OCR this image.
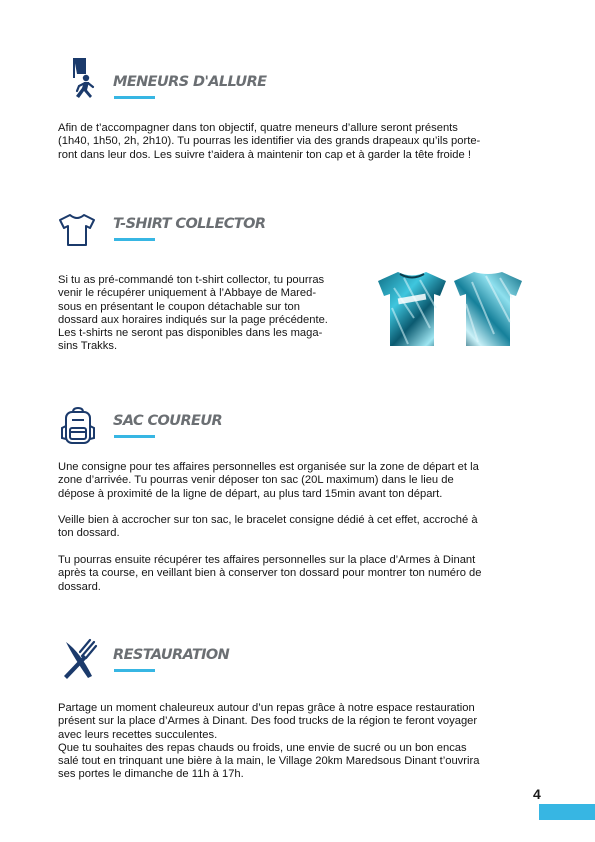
MENEURS D'ALLURE

Afin de t’accompagner dans ton objectif, quatre meneurs d’allure seront présents
(1h40, 1h50, 2h, 2h10). Tu pourras les identifier via des grands drapeaux qu’ils porte-
ront dans leur dos. Les suivre t’aidera à maintenir ton cap et à garder la tête froide !

T-SHIRT COLLECTOR

Si tu as pré-commandé ton t-shirt collector, tu pourras
venir le récupérer uniquement à l’Abbaye de Mared-
sous en présentant le coupon détachable sur ton
dossard aux horaires indiqués sur la page précédente.
Les t-shirts ne seront pas disponibles dans les maga-
sins Trakks.

SAC COUREUR

Une consigne pour tes affaires personnelles est organisée sur la zone de départ et la
zone d’arrivée. Tu pourras venir déposer ton sac (20L maximum) dans le lieu de
dépose à proximité de la ligne de départ, au plus tard 15min avant ton départ.

Veille bien à accrocher sur ton sac, le bracelet consigne dédié à cet effet, accroché à
ton dossard.

Tu pourras ensuite récupérer tes affaires personnelles sur la place d’Armes à Dinant
après ta course, en veillant bien à conserver ton dossard pour montrer ton numéro de
dossard.

RESTAURATION

Partage un moment chaleureux autour d’un repas grâce à notre espace restauration
présent sur la place d’Armes à Dinant. Des food trucks de la région te feront voyager
avec leurs recettes succulentes.
Que tu souhaites des repas chauds ou froids, une envie de sucré ou un bon encas
salé tout en trinquant une bière à la main, le Village 20km Maredsous Dinant t’ouvrira
ses portes le dimanche de 11h à 17h.

4
